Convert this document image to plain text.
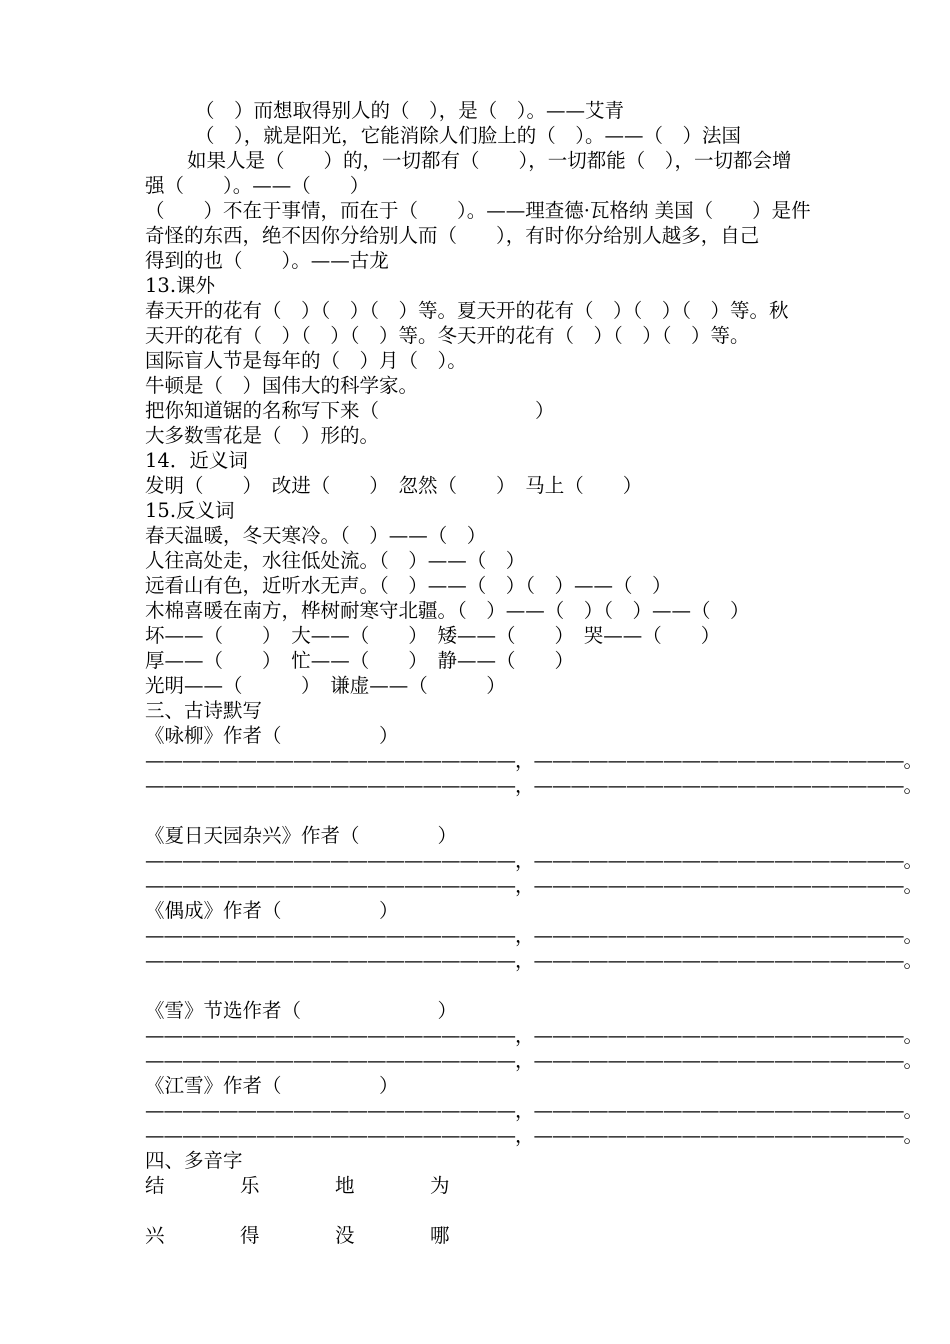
（　）而想取得别人的（　），是（　）。——艾青
（　），就是阳光，它能消除人们脸上的（　）。——（　）法国
如果人是（　　）的，一切都有（　　），一切都能（　），一切都会增
强（　　）。——（　　）
（　　）不在于事情，而在于（　　）。——理查德·瓦格纳 美国（　　）是件
奇怪的东西，绝不因你分给别人而（　　），有时你分给别人越多，自己
得到的也（　　）。——古龙
13.课外
春天开的花有（　）（　）（　）等。夏天开的花有（　）（　）（　）等。秋
天开的花有（　）（　）（　）等。冬天开的花有（　）（　）（　）等。
国际盲人节是每年的（　）月（　）。
牛顿是（　）国伟大的科学家。
把你知道锯的名称写下来（　　　　　　　　）
大多数雪花是（　）形的。
14．近义词
发明（　　）　改进（　　）　忽然（　　）　马上（　　）
15.反义词
春天温暖，冬天寒冷。（　）——（　）
人往高处走，水往低处流。（　）——（　）
远看山有色，近听水无声。（　）——（　）（　）——（　）
木棉喜暖在南方，桦树耐寒守北疆。（　）——（　）（　）——（　）
坏——（　　）　大——（　　）　矮——（　　）　哭——（　　）
厚——（　　）　忙——（　　）　静——（　　）
光明——（　　　）　谦虚——（　　　）
三、古诗默写
《咏柳》作者（　　　　　）
————————————————————，————————————————————。
————————————————————，————————————————————。
《夏日天园杂兴》作者（　　　　）
————————————————————，————————————————————。
————————————————————，————————————————————。
《偶成》作者（　　　　　）
————————————————————，————————————————————。
————————————————————，————————————————————。
《雪》节选作者（　　　　　　　）
————————————————————，————————————————————。
————————————————————，————————————————————。
《江雪》作者（　　　　　）
————————————————————，————————————————————。
————————————————————，————————————————————。
四、多音字
结	乐	地	为
兴	得	没	哪
